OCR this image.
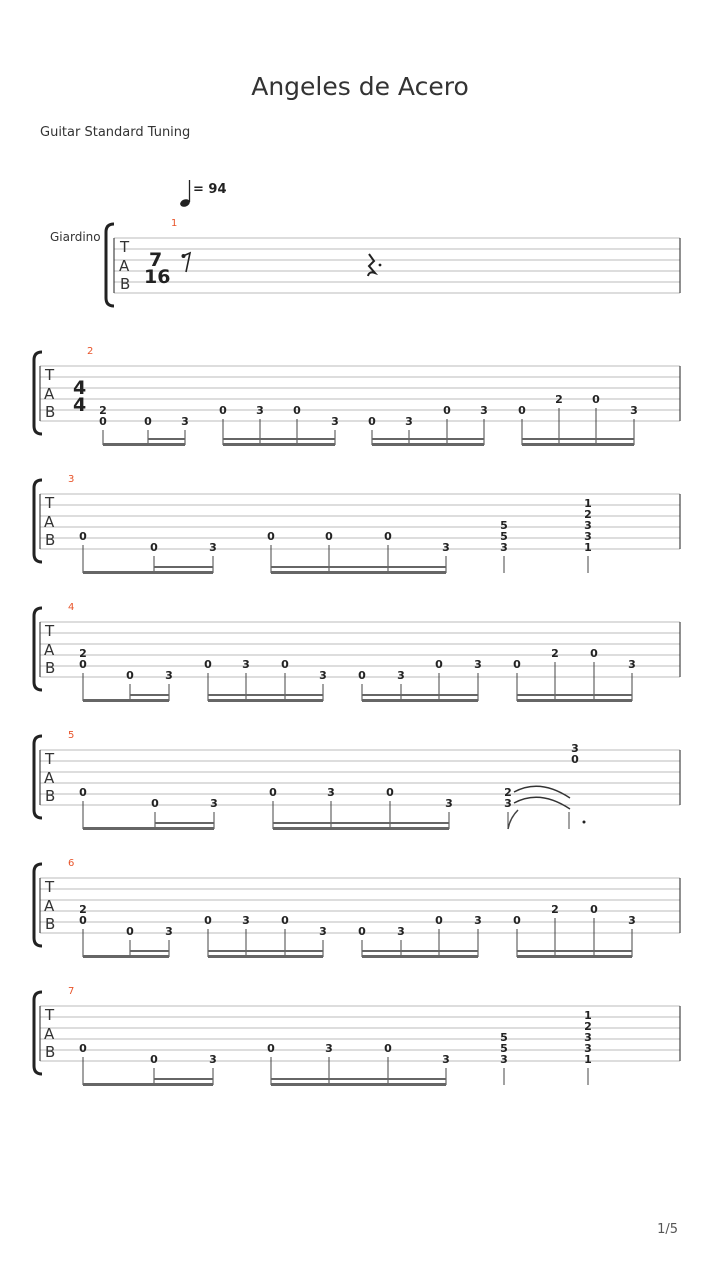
Angeles de Acero
Guitar Standard Tuning
= 94
Giardino
T
A
B
1
7
16
T
A
B
2
4
4 2
0	0	3
0	3	0
3	0	3
0	3	0
2	0
3
T
A
B
3
0
0	3
0	0	0
3
5
5
3
1
2
3
3
1
T
A
B
4
2
0
0	3
0	3	0
3	0	3
0	3	0
2	0
3
T
A
B
5
0
0	3
0	3	0
3
2
3
3
0
T
A
B
6
2
0
0	3
0	3	0
3	0	3
0	3	0
2	0
3
T
A
B
7
0
0	3
0	3	0
3
5
5
3
1
2
3
3
1
1/5
